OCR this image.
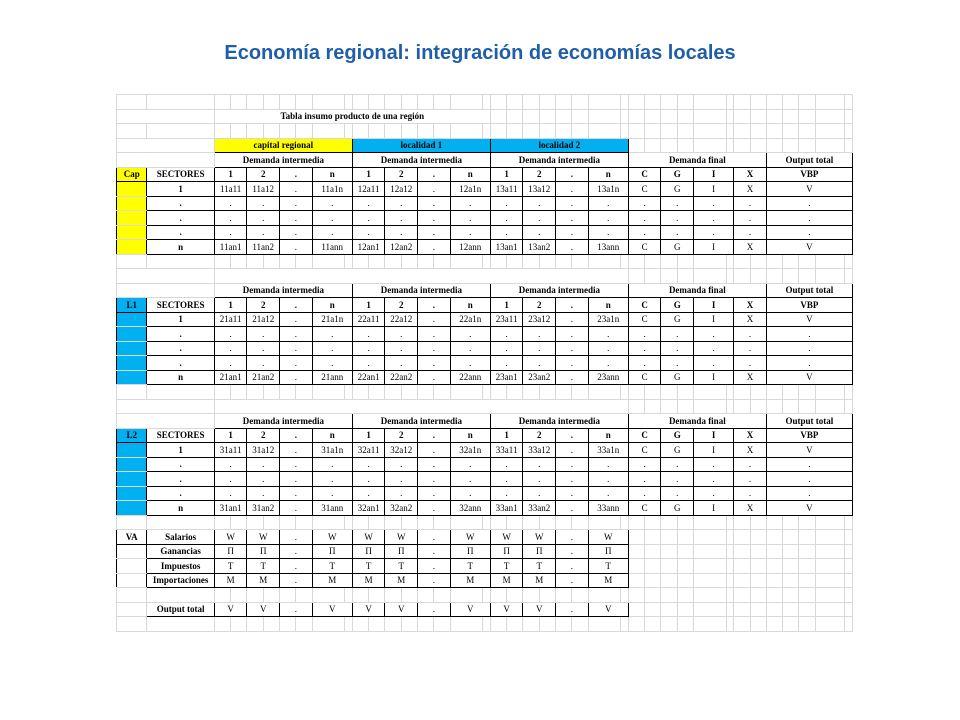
Economía regional: integración de economías locales

		Tabla insumo producto de una región																																				

		capital regional								localidad 1								localidad 2																				
		Demanda intermedia								Demanda intermedia								Demanda intermedia								Demanda final								Output total				
Cap	SECTORES	1		2		.		n		1		2		.		n		1		2		.		n		C		G		I		X		VBP				
	1	11a11		11a12		.		11a1n		12a11		12a12		.		12a1n		13a11		13a12		.		13a1n		C		G		I		X		V				
	.	.		.		.		.		.		.		.		.		.		.		.		.		.		.		.		.		.				
	.	.		.		.		.		.		.		.		.		.		.		.		.		.		.		.		.		.				
	.	.		.		.		.		.		.		.		.		.		.		.		.		.		.		.		.		.				
	n	11an1		11an2		.		11ann		12an1		12an2		.		12ann		13an1		13an2		.		13ann		C		G		I		X		V				

		Demanda intermedia								Demanda intermedia								Demanda intermedia								Demanda final								Output total				
L1	SECTORES	1		2		.		n		1		2		.		n		1		2		.		n		C		G		I		X		VBP				
	1	21a11		21a12		.		21a1n		22a11		22a12		.		22a1n		23a11		23a12		.		23a1n		C		G		I		X		V				
	.	.		.		.		.		.		.		.		.		.		.		.		.		.		.		.		.		.				
	.	.		.		.		.		.		.		.		.		.		.		.		.		.		.		.		.		.				
	.	.		.		.		.		.		.		.		.		.		.		.		.		.		.		.		.		.				
	n	21an1		21an2		.		21ann		22an1		22an2		.		22ann		23an1		23an2		.		23ann		C		G		I		X		V				

		Demanda intermedia								Demanda intermedia								Demanda intermedia								Demanda final								Output total				
L2	SECTORES	1		2		.		n		1		2		.		n		1		2		.		n		C		G		I		X		VBP				
	1	31a11		31a12		.		31a1n		32a11		32a12		.		32a1n		33a11		33a12		.		33a1n		C		G		I		X		V				
	.	.		.		.		.		.		.		.		.		.		.		.		.		.		.		.		.		.				
	.	.		.		.		.		.		.		.		.		.		.		.		.		.		.		.		.		.				
	.	.		.		.		.		.		.		.		.		.		.		.		.		.		.		.		.		.				
	n	31an1		31an2		.		31ann		32an1		32an2		.		32ann		33an1		33an2		.		33ann		C		G		I		X		V				

VA	Salarios	W		W		.		W		W		W		.		W		W		W		.		W														
	Ganancias	Π		Π		.		Π		Π		Π		.		Π		Π		Π		.		Π														
	Impuestos	T		T		.		T		T		T		.		T		T		T		.		T														
	Importaciones	M		M		.		M		M		M		.		M		M		M		.		M														

	Output total	V		V		.		V		V		V		.		V		V		V		.		V														
